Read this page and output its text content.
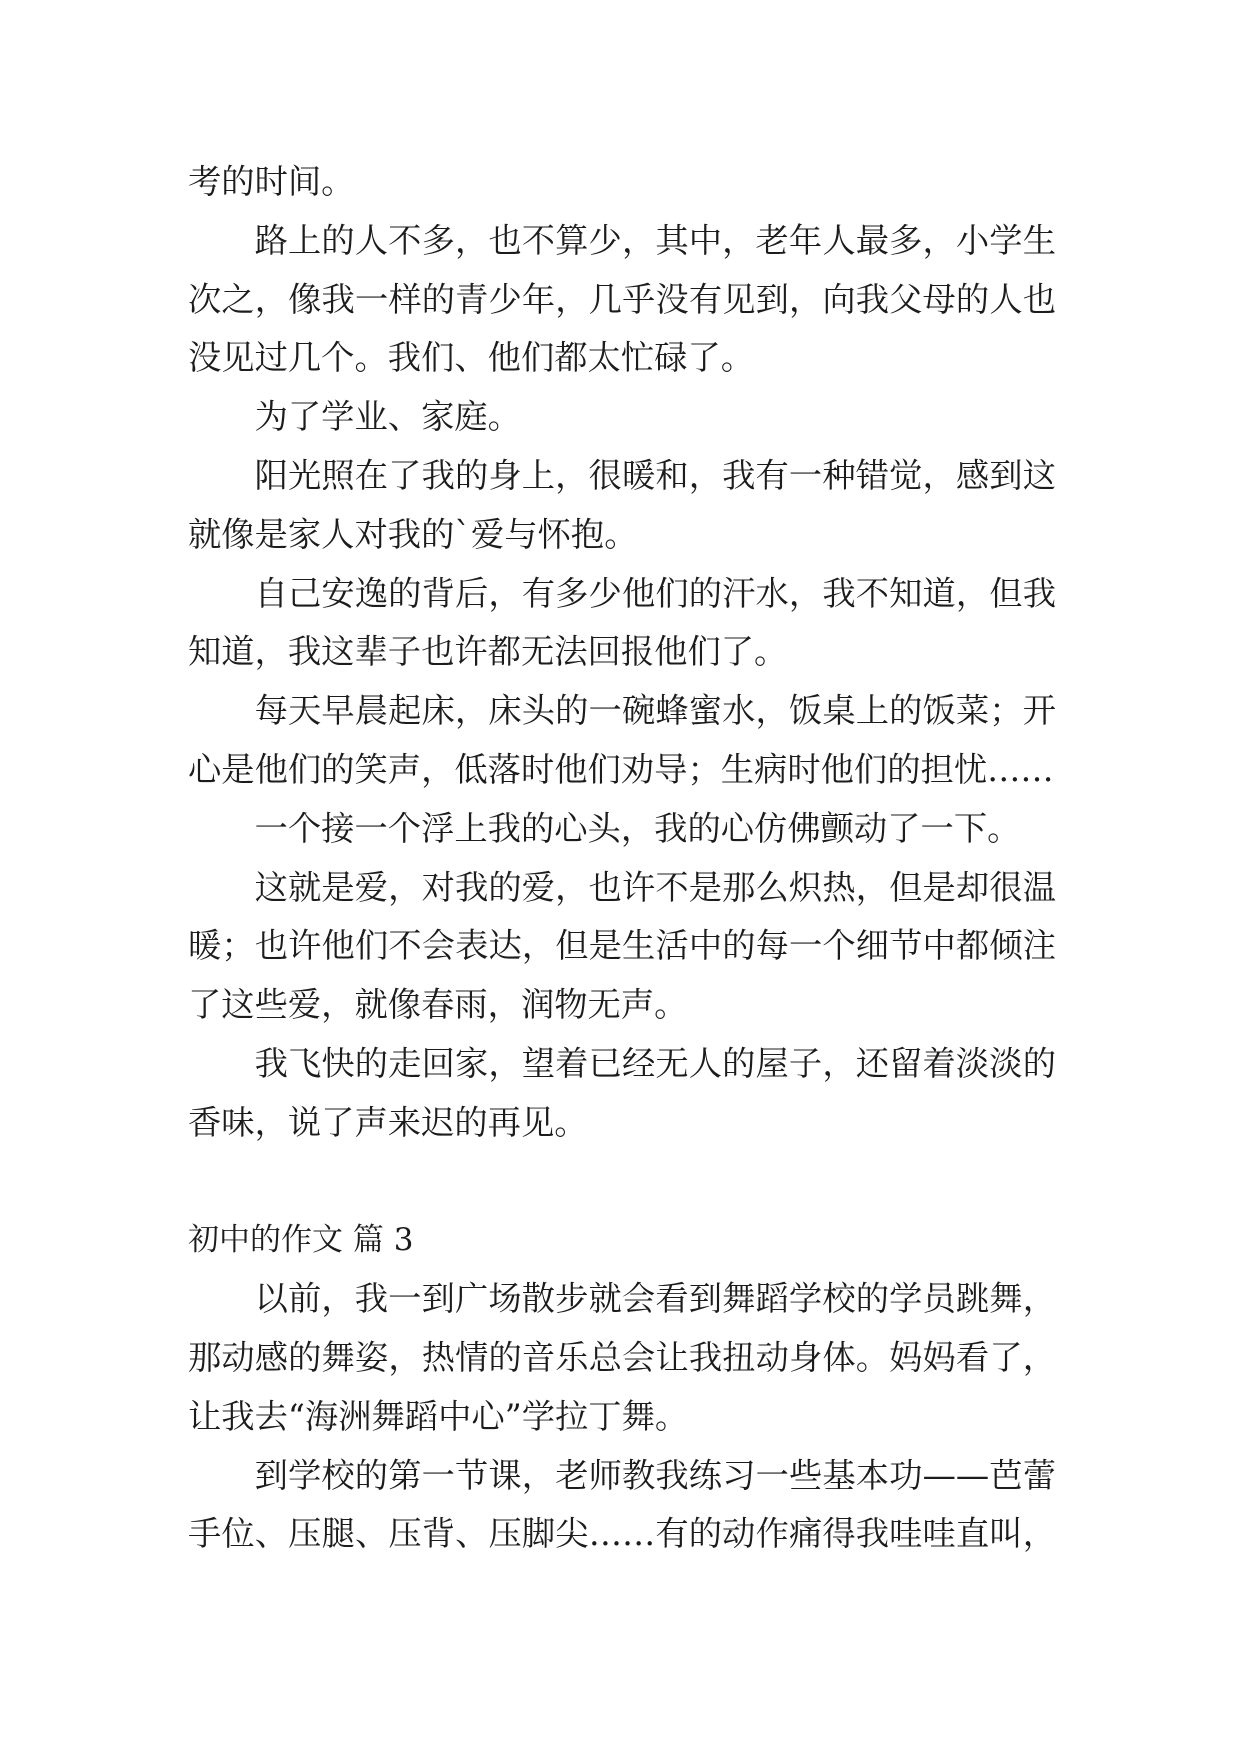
考的时间。
路上的人不多，也不算少，其中，老年人最多，小学生
次之，像我一样的青少年，几乎没有见到，向我父母的人也
没见过几个。我们、他们都太忙碌了。
为了学业、家庭。
阳光照在了我的身上，很暖和，我有一种错觉，感到这
就像是家人对我的`爱与怀抱。
自己安逸的背后，有多少他们的汗水，我不知道，但我
知道，我这辈子也许都无法回报他们了。
每天早晨起床，床头的一碗蜂蜜水，饭桌上的饭菜；开
心是他们的笑声，低落时他们劝导；生病时他们的担忧……
一个接一个浮上我的心头，我的心仿佛颤动了一下。
这就是爱，对我的爱，也许不是那么炽热，但是却很温
暖；也许他们不会表达，但是生活中的每一个细节中都倾注
了这些爱，就像春雨，润物无声。
我飞快的走回家，望着已经无人的屋子，还留着淡淡的
香味，说了声来迟的再见。
初中的作文 篇 3
以前，我一到广场散步就会看到舞蹈学校的学员跳舞，
那动感的舞姿，热情的音乐总会让我扭动身体。妈妈看了，
让我去“海洲舞蹈中心”学拉丁舞。
到学校的第一节课，老师教我练习一些基本功——芭蕾
手位、压腿、压背、压脚尖……有的动作痛得我哇哇直叫，
